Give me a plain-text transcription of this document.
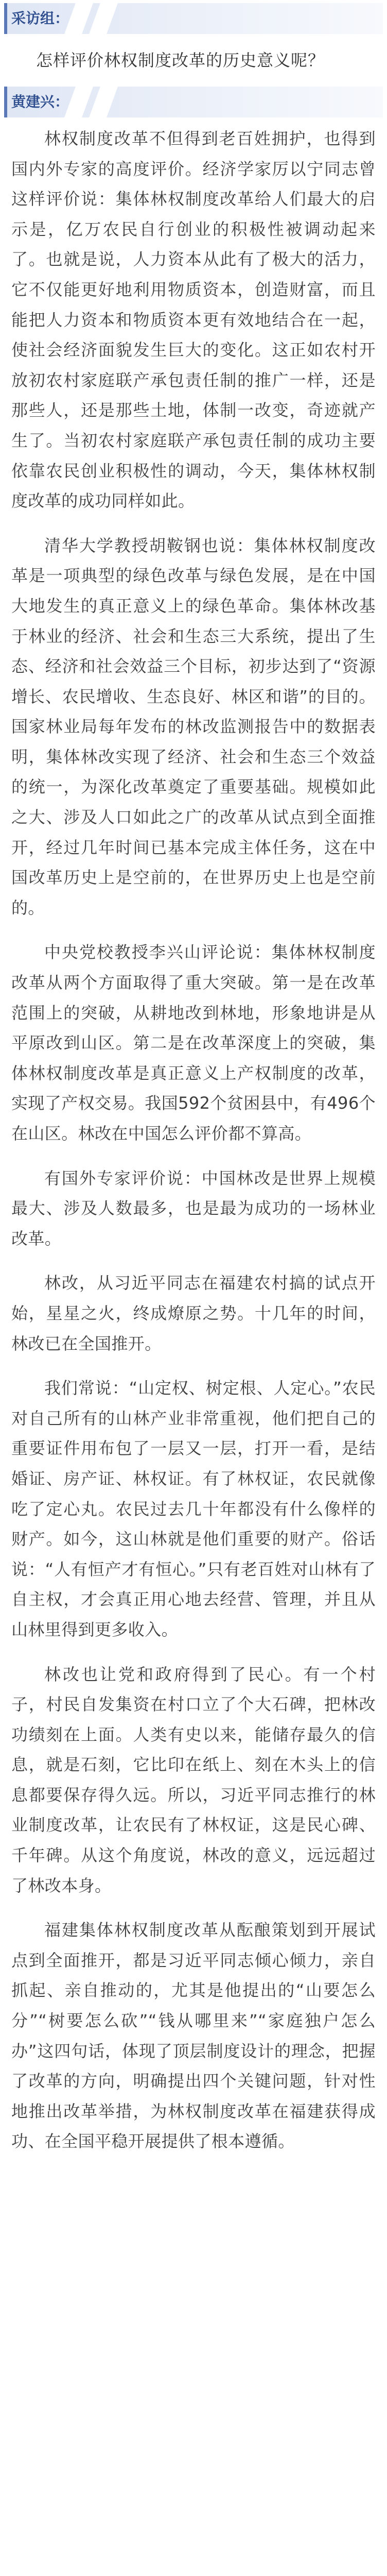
采访组：
怎样评价林权制度改革的历史意义呢？
黄建兴：

林权制度改革不但得到老百姓拥护，也得到国内外专家的高度评价。经济学家厉以宁同志曾这样评价说：集体林权制度改革给人们最大的启示是，亿万农民自行创业的积极性被调动起来了。也就是说，人力资本从此有了极大的活力，它不仅能更好地利用物质资本，创造财富，而且能把人力资本和物质资本更有效地结合在一起，使社会经济面貌发生巨大的变化。这正如农村开放初农村家庭联产承包责任制的推广一样，还是那些人，还是那些土地，体制一改变，奇迹就产生了。当初农村家庭联产承包责任制的成功主要依靠农民创业积极性的调动，今天，集体林权制度改革的成功同样如此。

清华大学教授胡鞍钢也说：集体林权制度改革是一项典型的绿色改革与绿色发展，是在中国大地发生的真正意义上的绿色革命。集体林改基于林业的经济、社会和生态三大系统，提出了生态、经济和社会效益三个目标，初步达到了“资源增长、农民增收、生态良好、林区和谐”的目的。国家林业局每年发布的林改监测报告中的数据表明，集体林改实现了经济、社会和生态三个效益的统一，为深化改革奠定了重要基础。规模如此之大、涉及人口如此之广的改革从试点到全面推开，经过几年时间已基本完成主体任务，这在中国改革历史上是空前的，在世界历史上也是空前的。

中央党校教授李兴山评论说：集体林权制度改革从两个方面取得了重大突破。第一是在改革范围上的突破，从耕地改到林地，形象地讲是从平原改到山区。第二是在改革深度上的突破，集体林权制度改革是真正意义上产权制度的改革，实现了产权交易。我国592个贫困县中，有496个在山区。林改在中国怎么评价都不算高。

有国外专家评价说：中国林改是世界上规模最大、涉及人数最多，也是最为成功的一场林业改革。

林改，从习近平同志在福建农村搞的试点开始，星星之火，终成燎原之势。十几年的时间，林改已在全国推开。

我们常说：“山定权、树定根、人定心。”农民对自己所有的山林产业非常重视，他们把自己的重要证件用布包了一层又一层，打开一看，是结婚证、房产证、林权证。有了林权证，农民就像吃了定心丸。农民过去几十年都没有什么像样的财产。如今，这山林就是他们重要的财产。俗话说：“人有恒产才有恒心。”只有老百姓对山林有了自主权，才会真正用心地去经营、管理，并且从山林里得到更多收入。

林改也让党和政府得到了民心。有一个村子，村民自发集资在村口立了个大石碑，把林改功绩刻在上面。人类有史以来，能储存最久的信息，就是石刻，它比印在纸上、刻在木头上的信息都要保存得久远。所以，习近平同志推行的林业制度改革，让农民有了林权证，这是民心碑、千年碑。从这个角度说，林改的意义，远远超过了林改本身。

福建集体林权制度改革从酝酿策划到开展试点到全面推开，都是习近平同志倾心倾力，亲自抓起、亲自推动的，尤其是他提出的“山要怎么分”“树要怎么砍”“钱从哪里来”“家庭独户怎么办”这四句话，体现了顶层制度设计的理念，把握了改革的方向，明确提出四个关键问题，针对性地推出改革举措，为林权制度改革在福建获得成功、在全国平稳开展提供了根本遵循。
